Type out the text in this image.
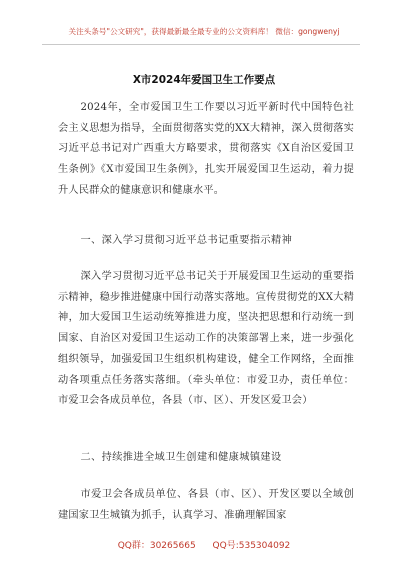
关注头条号"公文研究"，获得最新最全最专业的公文资料库！ 微信：gongwenyj
X市2024年爱国卫生工作要点
2024年，全市爱国卫生工作要以习近平新时代中国特色社会主义思想为指导，全面贯彻落实党的XX大精神，深入贯彻落实习近平总书记对广西重大方略要求，贯彻落实《X自治区爱国卫生条例》《X市爱国卫生条例》，扎实开展爱国卫生运动，着力提升人民群众的健康意识和健康水平。
一、深入学习贯彻习近平总书记重要指示精神
深入学习贯彻习近平总书记关于开展爱国卫生运动的重要指示精神，稳步推进健康中国行动落实落地。宣传贯彻党的XX大精神，加大爱国卫生运动统筹推进力度，坚决把思想和行动统一到国家、自治区对爱国卫生运动工作的决策部署上来，进一步强化组织领导，加强爱国卫生组织机构建设，健全工作网络，全面推动各项重点任务落实落细。（牵头单位：市爱卫办，责任单位：市爱卫会各成员单位，各县（市、区）、开发区爱卫会）
二、持续推进全域卫生创建和健康城镇建设
市爱卫会各成员单位、各县（市、区）、开发区要以全域创建国家卫生城镇为抓手，认真学习、准确理解国家
QQ群：30265665 QQ号:535304092
